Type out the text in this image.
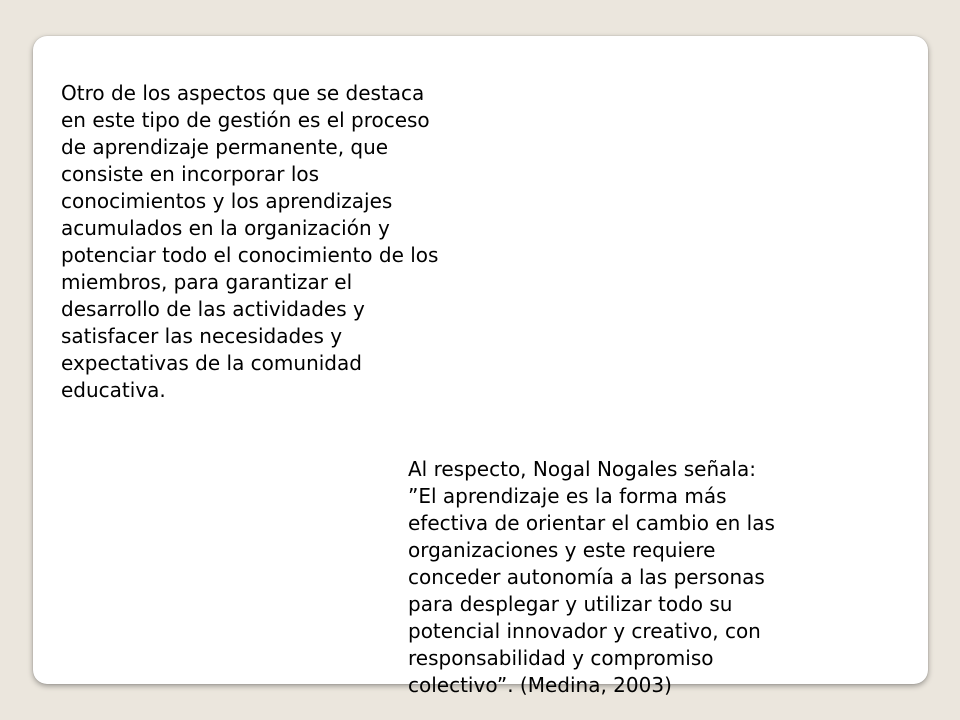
Otro de los aspectos que se destaca
en este tipo de gestión es el proceso
de aprendizaje permanente, que
consiste en incorporar los
conocimientos y los aprendizajes
acumulados en la organización y
potenciar todo el conocimiento de los
miembros, para garantizar el
desarrollo de las actividades y
satisfacer las necesidades y
expectativas de la comunidad
educativa.

Al respecto, Nogal Nogales señala:
”El aprendizaje es la forma más
efectiva de orientar el cambio en las
organizaciones y este requiere
conceder autonomía a las personas
para desplegar y utilizar todo su
potencial innovador y creativo, con
responsabilidad y compromiso
colectivo”. (Medina, 2003)
